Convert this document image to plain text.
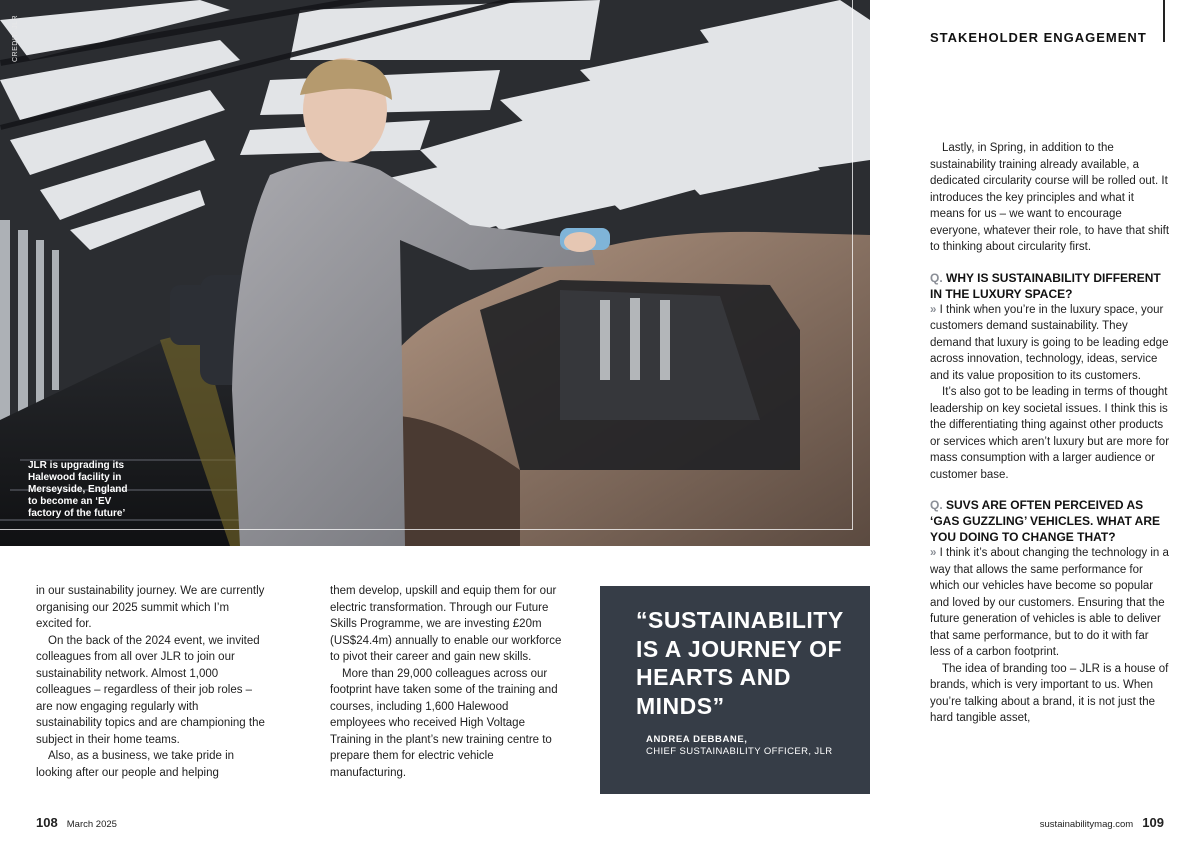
CREDIT: JLR
JLR is upgrading its Halewood facility in Merseyside, England to become an ‘EV factory of the future’
STAKEHOLDER ENGAGEMENT

Lastly, in Spring, in addition to the sustainability training already available, a dedicated circularity course will be rolled out. It introduces the key principles and what it means for us – we want to encourage everyone, whatever their role, to have that shift to thinking about circularity first.

Q. WHY IS SUSTAINABILITY DIFFERENT IN THE LUXURY SPACE?

» I think when you’re in the luxury space, your customers demand sustainability. They demand that luxury is going to be leading edge across innovation, technology, ideas, service and its value proposition to its customers.

It’s also got to be leading in terms of thought leadership on key societal issues. I think this is the differentiating thing against other products or services which aren’t luxury but are more for mass consumption with a larger audience or customer base.

Q. SUVS ARE OFTEN PERCEIVED AS ‘GAS GUZZLING’ VEHICLES. WHAT ARE YOU DOING TO CHANGE THAT?

» I think it’s about changing the technology in a way that allows the same performance for which our vehicles have become so popular and loved by our customers. Ensuring that the future generation of vehicles is able to deliver that same performance, but to do it with far less of a carbon footprint.

The idea of branding too – JLR is a house of brands, which is very important to us. When you’re talking about a brand, it is not just the hard tangible asset,

in our sustainability journey. We are currently organising our 2025 summit which I’m excited for.

On the back of the 2024 event, we invited colleagues from all over JLR to join our sustainability network. Almost 1,000 colleagues – regardless of their job roles – are now engaging regularly with sustainability topics and are championing the subject in their home teams.

Also, as a business, we take pride in looking after our people and helping

them develop, upskill and equip them for our electric transformation. Through our Future Skills Programme, we are investing £20m (US$24.4m) annually to enable our workforce to pivot their career and gain new skills.

More than 29,000 colleagues across our footprint have taken some of the training and courses, including 1,600 Halewood employees who received High Voltage Training in the plant’s new training centre to prepare them for electric vehicle manufacturing.

“SUSTAINABILITY IS A JOURNEY OF HEARTS AND MINDS”
ANDREA DEBBANE,
CHIEF SUSTAINABILITY OFFICER, JLR
108 March 2025	sustainabilitymag.com 109
